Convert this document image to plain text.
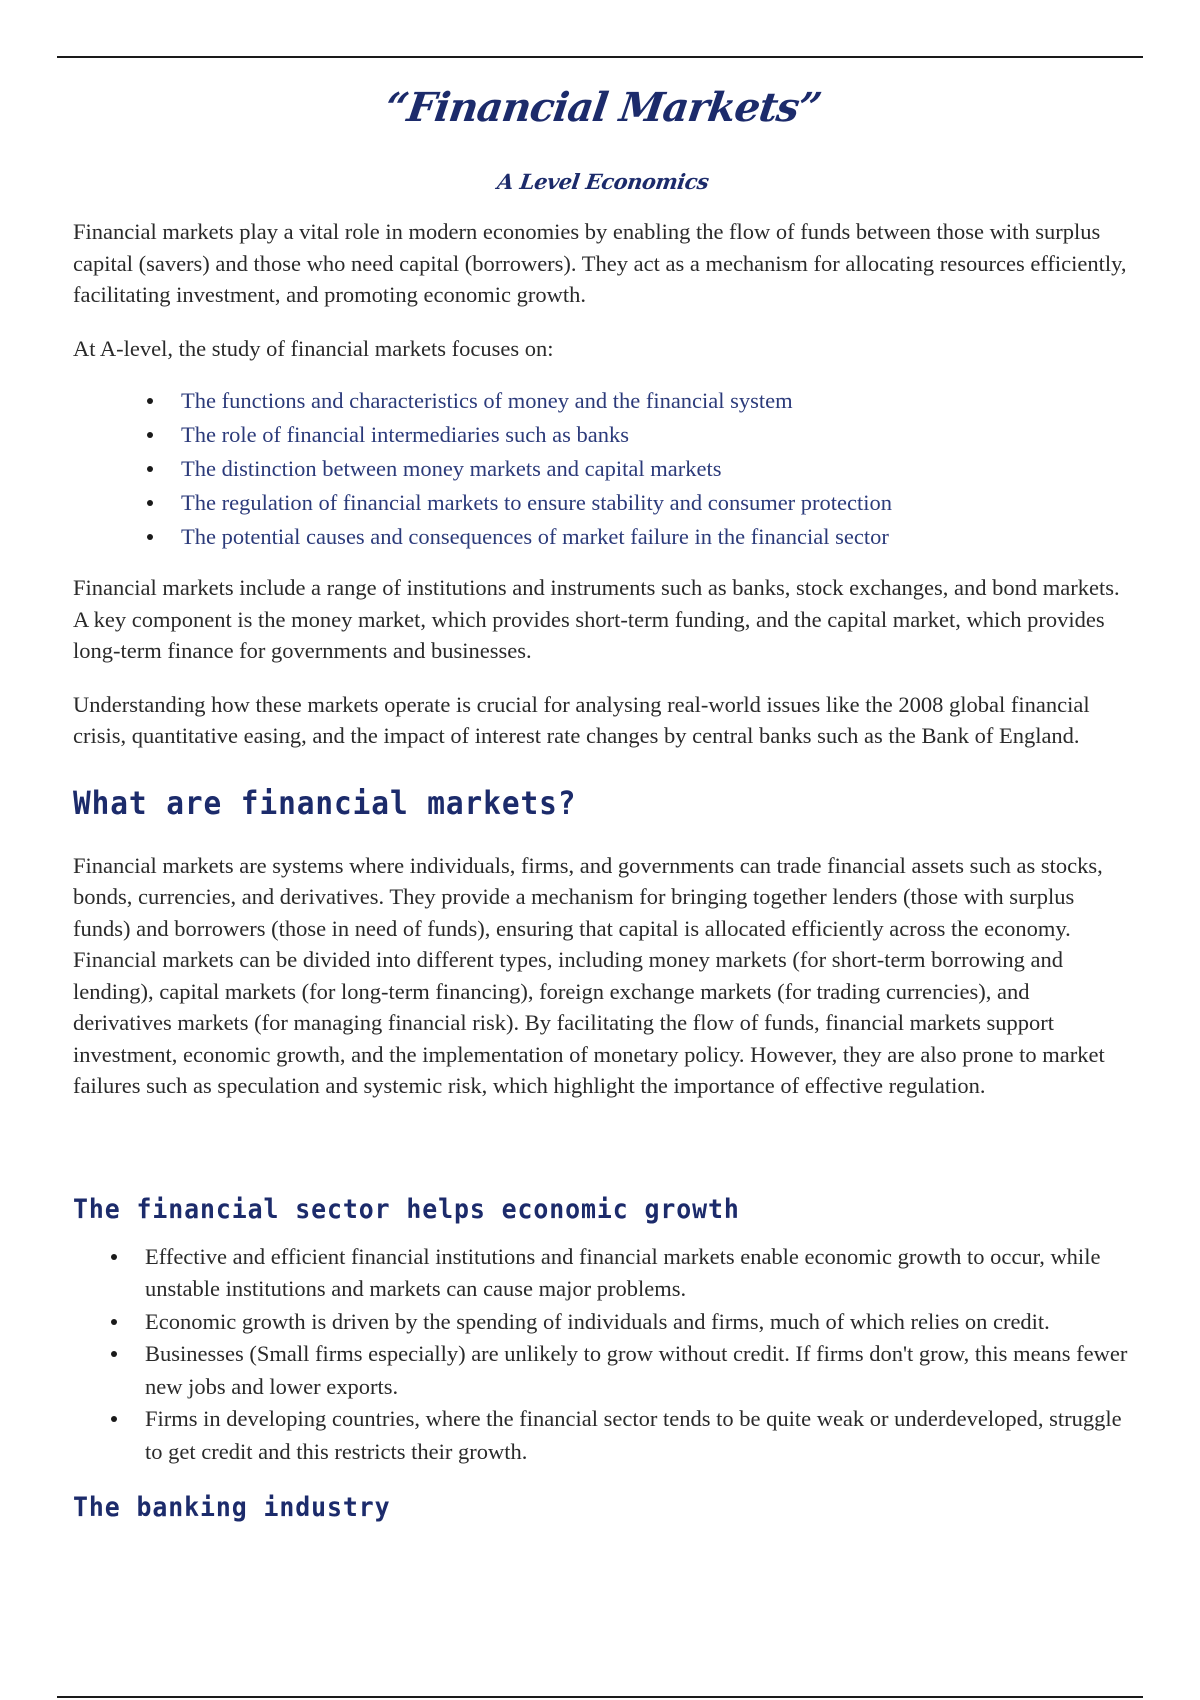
“Financial Markets”
A Level Economics

Financial markets play a vital role in modern economies by enabling the flow of funds between those with surplus capital (savers) and those who need capital (borrowers). They act as a mechanism for allocating resources efficiently, facilitating investment, and promoting economic growth.

At A-level, the study of financial markets focuses on:

The functions and characteristics of money and the financial system
The role of financial intermediaries such as banks
The distinction between money markets and capital markets
The regulation of financial markets to ensure stability and consumer protection
The potential causes and consequences of market failure in the financial sector

Financial markets include a range of institutions and instruments such as banks, stock exchanges, and bond markets. A key component is the money market, which provides short-term funding, and the capital market, which provides long-term finance for governments and businesses.

Understanding how these markets operate is crucial for analysing real-world issues like the 2008 global financial crisis, quantitative easing, and the impact of interest rate changes by central banks such as the Bank of England.

What are financial markets?

Financial markets are systems where individuals, firms, and governments can trade financial assets such as stocks, bonds, currencies, and derivatives. They provide a mechanism for bringing together lenders (those with surplus funds) and borrowers (those in need of funds), ensuring that capital is allocated efficiently across the economy. Financial markets can be divided into different types, including money markets (for short-term borrowing and lending), capital markets (for long-term financing), foreign exchange markets (for trading currencies), and derivatives markets (for managing financial risk). By facilitating the flow of funds, financial markets support investment, economic growth, and the implementation of monetary policy. However, they are also prone to market failures such as speculation and systemic risk, which highlight the importance of effective regulation.

The financial sector helps economic growth
Effective and efficient financial institutions and financial markets enable economic growth to occur, while unstable institutions and markets can cause major problems.
Economic growth is driven by the spending of individuals and firms, much of which relies on credit.
Businesses (Small firms especially) are unlikely to grow without credit. If firms don't grow, this means fewer new jobs and lower exports.
Firms in developing countries, where the financial sector tends to be quite weak or underdeveloped, struggle to get credit and this restricts their growth.
The banking industry
